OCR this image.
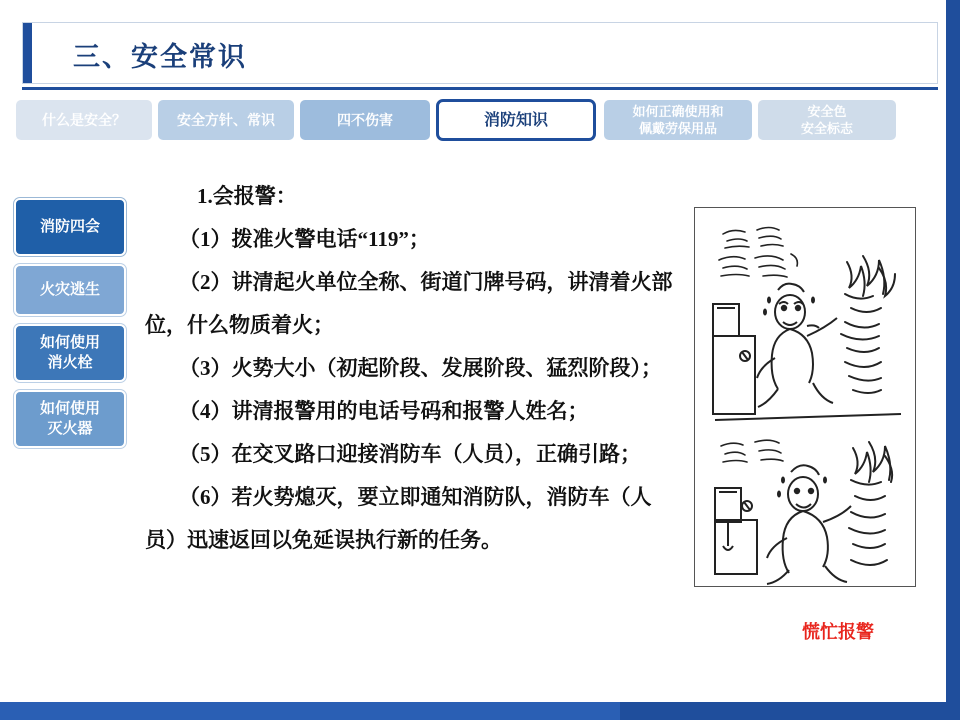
三、安全常识
什么是安全？	安全方针、常识	四不伤害	消防知识	如何正确使用和
佩戴劳保用品
安全色
安全标志
消防四会
火灾逃生
如何使用
消火栓
如何使用
灭火器

1.会报警：

（1）拨准火警电话“119”；

（2）讲清起火单位全称、街道门牌号码，讲清着火部位，什么物质着火；

（3）火势大小（初起阶段、发展阶段、猛烈阶段）；

（4）讲清报警用的电话号码和报警人姓名；

（5）在交叉路口迎接消防车（人员），正确引路；

（6）若火势熄灭，要立即通知消防队，消防车（人员）迅速返回以免延误执行新的任务。

慌忙报警
